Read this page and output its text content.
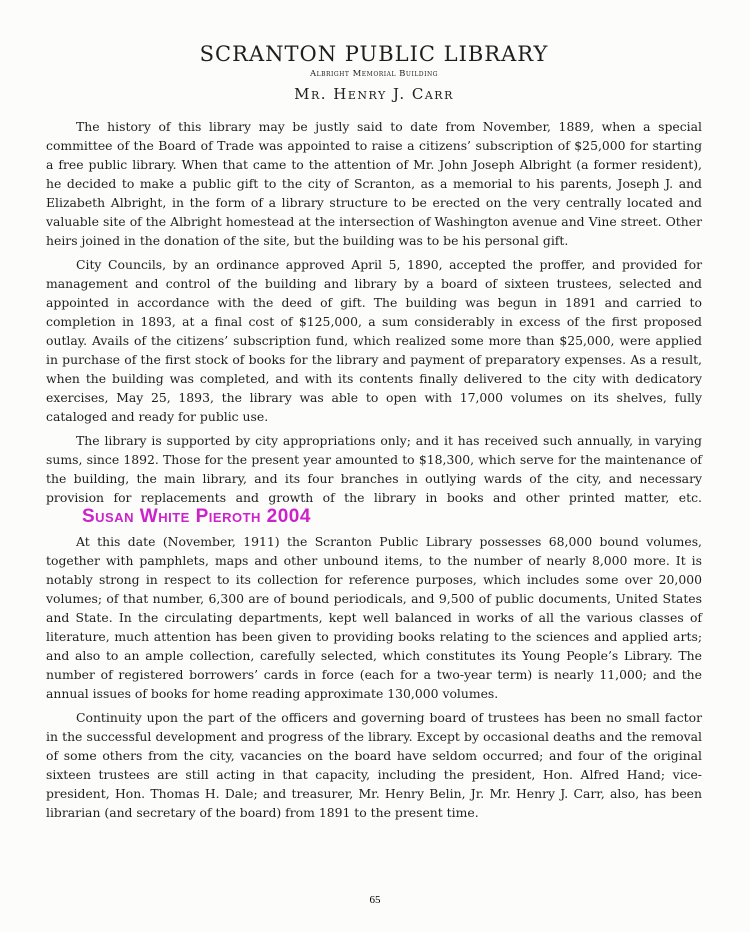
SCRANTON PUBLIC LIBRARY
Albright Memorial Building
Mr. Henry J. Carr

The history of this library may be justly said to date from November, 1889, when a special committee of the Board of Trade was appointed to raise a citizens’ subscription of $25,000 for starting a free public library. When that came to the attention of Mr. John Joseph Albright (a former resident), he decided to make a public gift to the city of Scranton, as a memorial to his parents, Joseph J. and Elizabeth Albright, in the form of a library structure to be erected on the very centrally located and valuable site of the Albright homestead at the intersection of Washington avenue and Vine street. Other heirs joined in the donation of the site, but the building was to be his personal gift.

City Councils, by an ordinance approved April 5, 1890, accepted the proffer, and provided for management and control of the building and library by a board of sixteen trustees, selected and appointed in accordance with the deed of gift. The building was begun in 1891 and carried to completion in 1893, at a final cost of $125,000, a sum considerably in excess of the first proposed outlay. Avails of the citizens’ subscription fund, which realized some more than $25,000, were applied in purchase of the first stock of books for the library and payment of preparatory expenses. As a result, when the building was completed, and with its contents finally delivered to the city with dedicatory exercises, May 25, 1893, the library was able to open with 17,000 volumes on its shelves, fully cataloged and ready for public use.

The library is supported by city appropriations only; and it has received such annually, in varying sums, since 1892. Those for the present year amounted to $18,300, which serve for the maintenance of the building, the main library, and its four branches in outlying wards of the city, and necessary provision for replacements and growth of the library in books and other printed matter, etc.Susan White Pieroth 2004

At this date (November, 1911) the Scranton Public Library possesses 68,000 bound volumes, together with pamphlets, maps and other unbound items, to the number of nearly 8,000 more. It is notably strong in respect to its collection for reference purposes, which includes some over 20,000 volumes; of that number, 6,300 are of bound periodicals, and 9,500 of public documents, United States and State. In the circulating departments, kept well balanced in works of all the various classes of literature, much attention has been given to providing books relating to the sciences and applied arts; and also to an ample collection, carefully selected, which constitutes its Young People’s Library. The number of registered borrowers’ cards in force (each for a two-year term) is nearly 11,000; and the annual issues of books for home reading approximate 130,000 volumes.

Continuity upon the part of the officers and governing board of trustees has been no small factor in the successful development and progress of the library. Except by occasional deaths and the removal of some others from the city, vacancies on the board have seldom occurred; and four of the original sixteen trustees are still acting in that capacity, including the president, Hon. Alfred Hand; vice-president, Hon. Thomas H. Dale; and treasurer, Mr. Henry Belin, Jr. Mr. Henry J. Carr, also, has been librarian (and secretary of the board) from 1891 to the present time.

65
